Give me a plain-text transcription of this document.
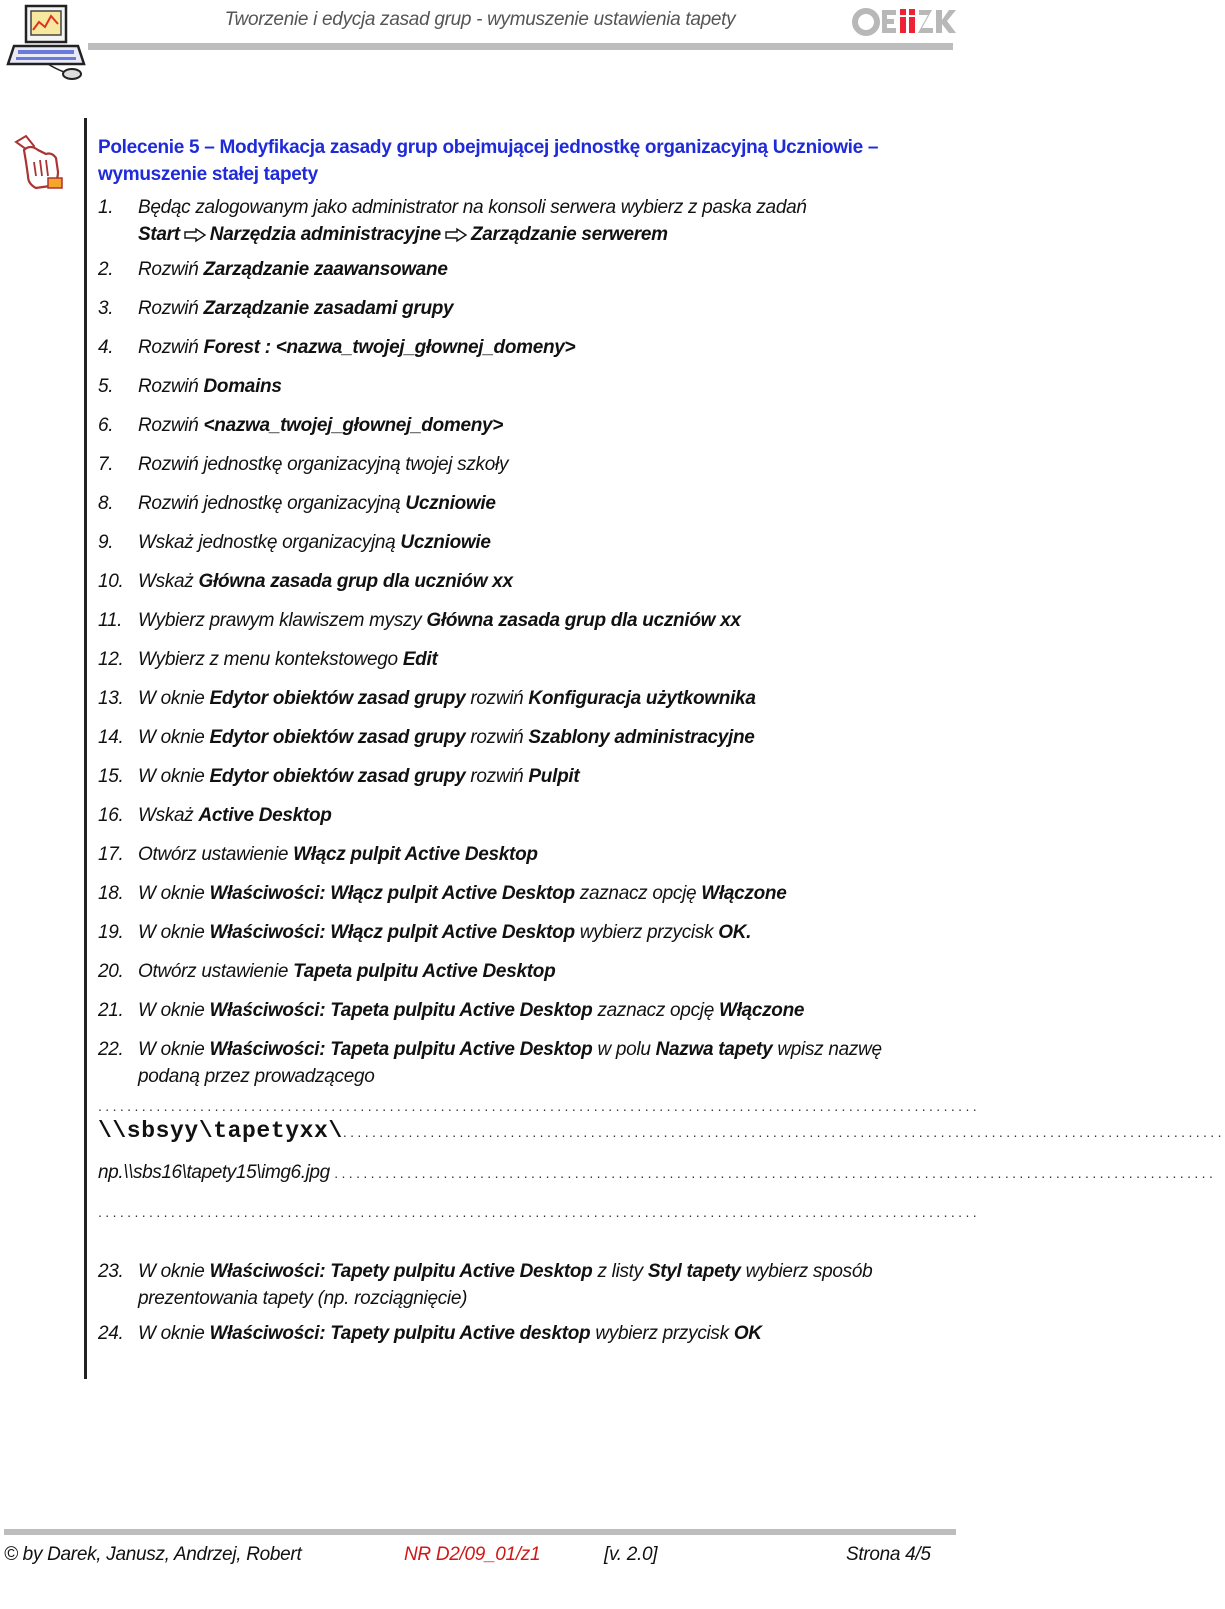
Tworzenie i edycja zasad grup - wymuszenie ustawienia tapety

Polecenie 5 – Modyfikacja zasady grup obejmującej jednostkę organizacyjną Uczniowie – wymuszenie stałej tapety

1. Będąc zalogowanym jako administrator na konsoli serwera wybierz z paska zadań
Start Narzędzia administracyjne Zarządzanie serwerem
2. Rozwiń Zarządzanie zaawansowane
3. Rozwiń Zarządzanie zasadami grupy
4. Rozwiń Forest : <nazwa_twojej_głownej_domeny>
5. Rozwiń Domains
6. Rozwiń <nazwa_twojej_głownej_domeny>
7. Rozwiń jednostkę organizacyjną twojej szkoły
8. Rozwiń jednostkę organizacyjną Uczniowie
9. Wskaż jednostkę organizacyjną Uczniowie
10. Wskaż Główna zasada grup dla uczniów xx
11. Wybierz prawym klawiszem myszy Główna zasada grup dla uczniów xx
12. Wybierz z menu kontekstowego Edit
13. W oknie Edytor obiektów zasad grupy rozwiń Konfiguracja użytkownika
14. W oknie Edytor obiektów zasad grupy rozwiń Szablony administracyjne
15. W oknie Edytor obiektów zasad grupy rozwiń Pulpit
16. Wskaż Active Desktop
17. Otwórz ustawienie Włącz pulpit Active Desktop
18. W oknie Właściwości: Włącz pulpit Active Desktop zaznacz opcję Włączone
19. W oknie Właściwości: Włącz pulpit Active Desktop wybierz przycisk OK.
20. Otwórz ustawienie Tapeta pulpitu Active Desktop
21. W oknie Właściwości: Tapeta pulpitu Active Desktop zaznacz opcję Włączone
22. W oknie Właściwości: Tapeta pulpitu Active Desktop w polu Nazwa tapety wpisz nazwę
podaną przez prowadzącego
.........................................................................................................................
\\sbsyy\tapetyxx\.........................................................................................................................
np.\\sbs16\tapety15\img6.jpg .........................................................................................................................
.........................................................................................................................
23. W oknie Właściwości: Tapety pulpitu Active Desktop z listy Styl tapety wybierz sposób
prezentowania tapety (np. rozciągnięcie)
24. W oknie Właściwości: Tapety pulpitu Active desktop wybierz przycisk OK
© by Darek, Janusz, Andrzej, Robert	NR D2/09_01/z1	[v. 2.0]	Strona 4/5
